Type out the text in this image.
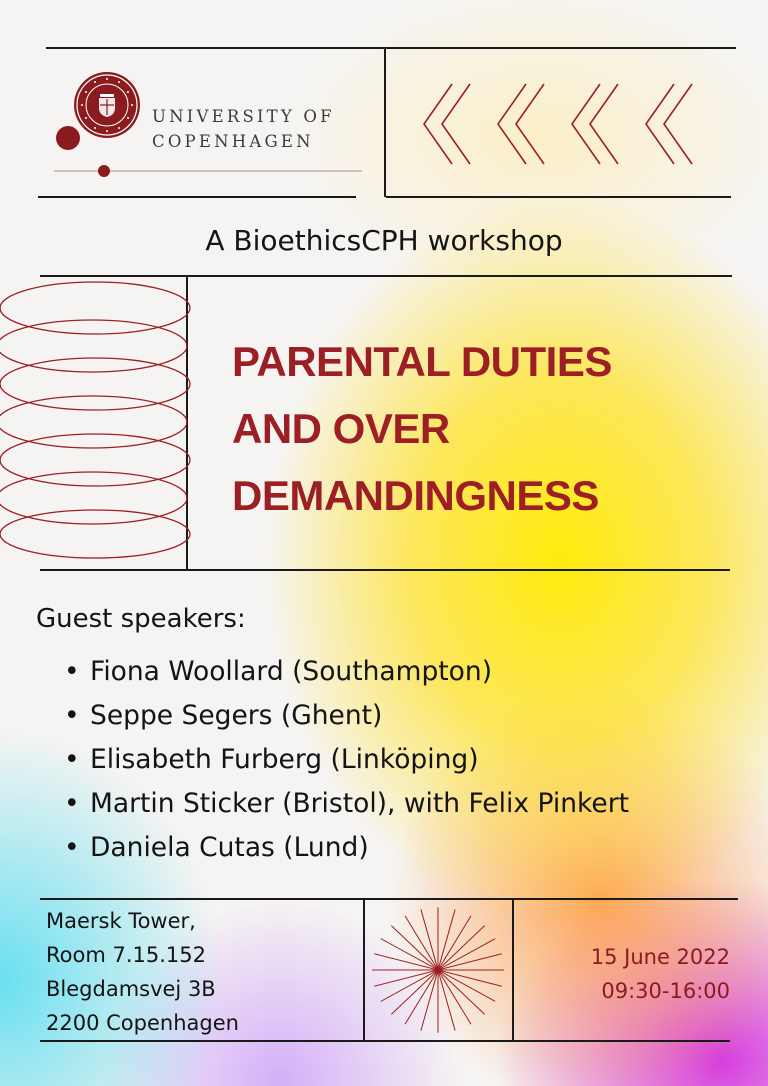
UNIVERSITY OF
COPENHAGEN
A BioethicsCPH workshop
PARENTAL DUTIES
AND OVER
DEMANDINGNESS
Guest speakers:
• Fiona Woollard (Southampton)
• Seppe Segers (Ghent)
• Elisabeth Furberg (Linköping)
• Martin Sticker (Bristol), with Felix Pinkert
• Daniela Cutas (Lund)
Maersk Tower,
Room 7.15.152
Blegdamsvej 3B
2200 Copenhagen
15 June 2022
09:30-16:00
